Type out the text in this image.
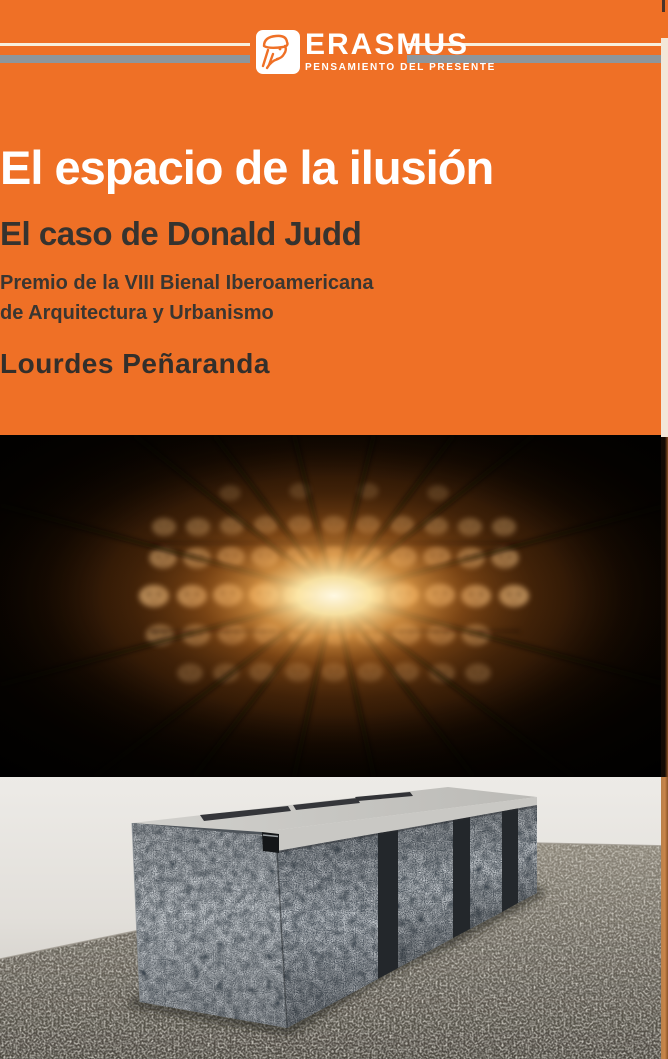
ERASMUS
PENSAMIENTO DEL PRESENTE
El espacio de la ilusión
El caso de Donald Judd
Premio de la VIII Bienal Iberoamericana
de Arquitectura y Urbanismo
Lourdes Peñaranda
